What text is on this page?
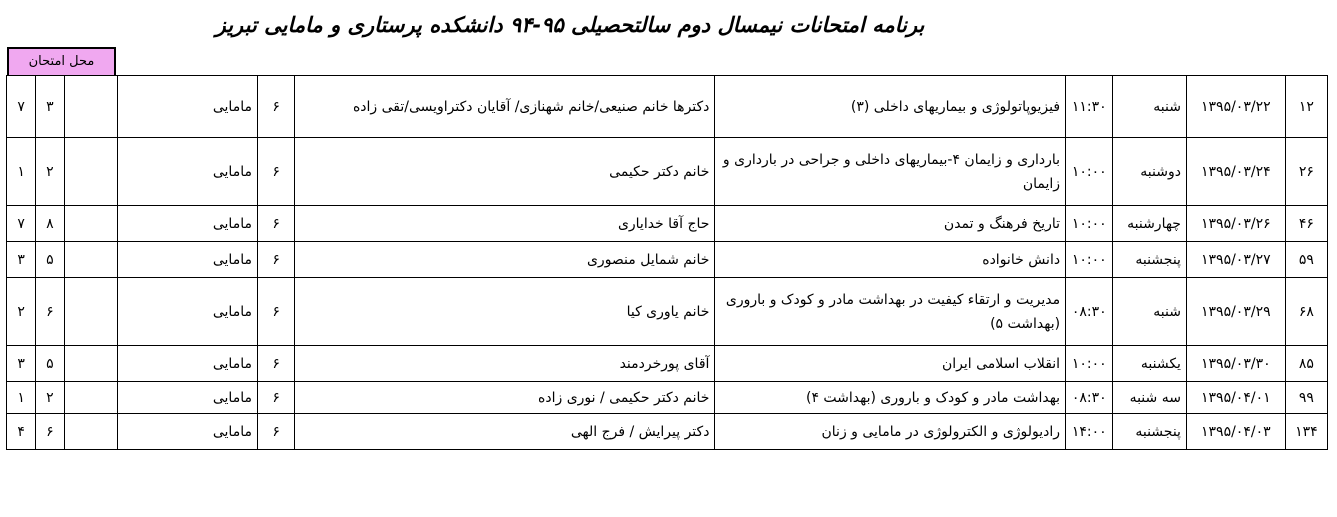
برنامه امتحانات نیمسال دوم سالتحصیلی ۹۵-۹۴ دانشکده پرستاری و مامایی تبریز
محل امتحان
۱۲	۱۳۹۵/۰۳/۲۲	شنبه	۱۱:۳۰	فیزیوپاتولوژی و بیماریهای داخلی (۳)	دکترها خانم صنیعی/خانم شهنازی/ آقایان دکتراویسی/تقی زاده	۶	مامایی		۳	۷
۲۶	۱۳۹۵/۰۳/۲۴	دوشنبه	۱۰:۰۰	بارداری و زایمان ۴-بیماریهای داخلی و جراحی در بارداری و زایمان	خانم دکتر حکیمی	۶	مامایی		۲	۱
۴۶	۱۳۹۵/۰۳/۲۶	چهارشنبه	۱۰:۰۰	تاریخ فرهنگ و تمدن	حاج آقا خدایاری	۶	مامایی		۸	۷
۵۹	۱۳۹۵/۰۳/۲۷	پنجشنبه	۱۰:۰۰	دانش خانواده	خانم شمایل منصوری	۶	مامایی		۵	۳
۶۸	۱۳۹۵/۰۳/۲۹	شنبه	۰۸:۳۰	مدیریت و ارتقاء کیفیت در بهداشت مادر و کودک و باروری (بهداشت ۵)	خانم یاوری کیا	۶	مامایی		۶	۲
۸۵	۱۳۹۵/۰۳/۳۰	یکشنبه	۱۰:۰۰	انقلاب اسلامی ایران	آقای پورخردمند	۶	مامایی		۵	۳
۹۹	۱۳۹۵/۰۴/۰۱	سه شنبه	۰۸:۳۰	بهداشت مادر و کودک و باروری (بهداشت ۴)	خانم دکتر حکیمی / نوری زاده	۶	مامایی		۲	۱
۱۳۴	۱۳۹۵/۰۴/۰۳	پنجشنبه	۱۴:۰۰	رادیولوژی و الکترولوژی در مامایی و زنان	دکتر پیرایش / فرج الهی	۶	مامایی		۶	۴
